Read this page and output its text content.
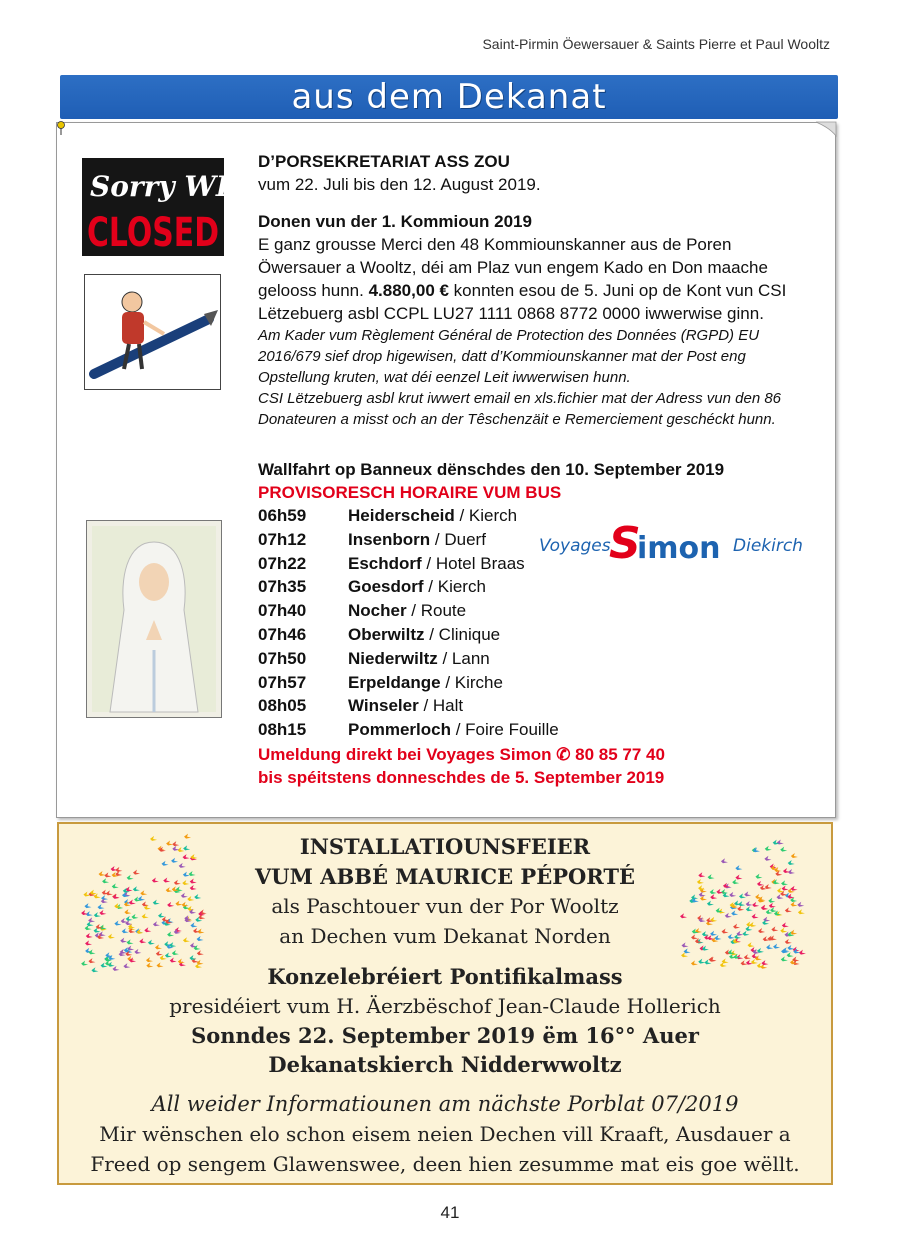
Saint-Pirmin Öewersauer & Saints Pierre et Paul Wooltz
aus dem Dekanat
Sorry WE'RE
CLOSED
D’PORSEKRETARIAT ASS ZOU
vum 22. Juli bis den 12. August 2019.
Donen vun der 1. Kommioun 2019
E ganz grousse Merci den 48 Kommiounskanner aus de Poren
Öwersauer a Wooltz, déi am Plaz vun engem Kado en Don maache
gelooss hunn. 4.880,00 € konnten esou de 5. Juni op de Kont vun CSI
Lëtzebuerg asbl CCPL LU27 1111 0868 8772 0000 iwwerwise ginn.
Am Kader vum Règlement Général de Protection des Données (RGPD) EU
2016/679 sief drop higewisen, datt d’Kommiounskanner mat der Post eng
Opstellung kruten, wat déi eenzel Leit iwwerwisen hunn.
CSI Lëtzebuerg asbl krut iwwert email en xls.fichier mat der Adress vun den 86
Donateuren a misst och an der Têschenzäit e Remerciement geschéckt hunn.
Wallfahrt op Banneux dënschdes den 10. September 2019
PROVISORESCH HORAIRE VUM BUS
06h59	Heiderscheid / Kierch
07h12	Insenborn / Duerf
07h22	Eschdorf / Hotel Braas
07h35	Goesdorf / Kierch
07h40	Nocher / Route
07h46	Oberwiltz / Clinique
07h50	Niederwiltz / Lann
07h57	Erpeldange / Kirche
08h05	Winseler / Halt
08h15	Pommerloch / Foire Fouille
Voyages
S
imon Diekirch
Umeldung direkt bei Voyages Simon ✆ 80 85 77 40
bis spéitstens donneschdes de 5. September 2019
INSTALLATIOUNSFEIER
VUM ABBÉ MAURICE PÉPORTÉ
als Paschtouer vun der Por Wooltz
an Dechen vum Dekanat Norden
Konzelebréiert Pontifikalmass
presidéiert vum H. Äerzbëschof Jean-Claude Hollerich
Sonndes 22. September 2019 ëm 16°° Auer
Dekanatskierch Nidderwwoltz
All weider Informatiounen am nächste Porblat 07/2019
Mir wënschen elo schon eisem neien Dechen vill Kraaft, Ausdauer a
Freed op sengem Glawenswee, deen hien zesumme mat eis goe wëllt.
41
